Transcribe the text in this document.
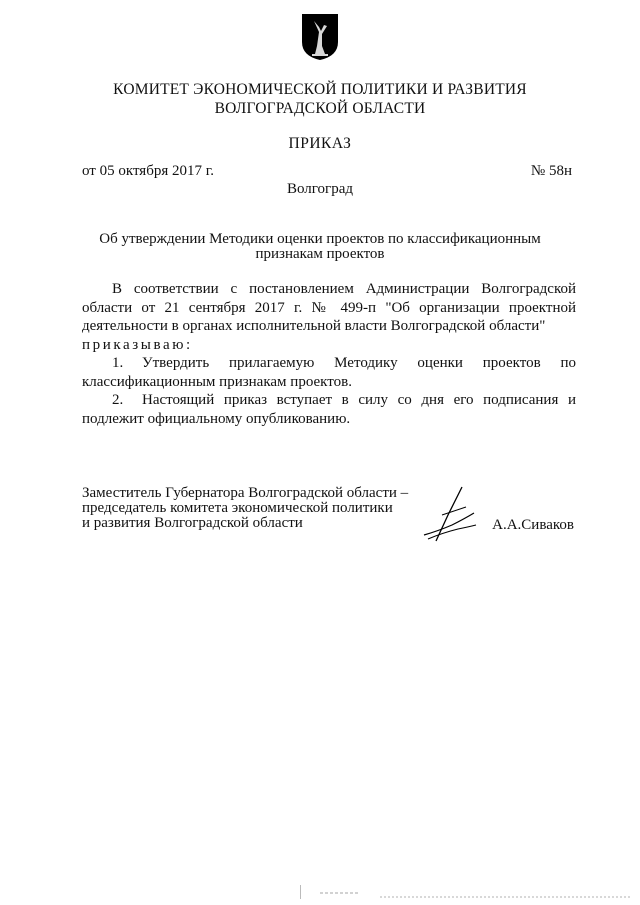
КОМИТЕТ ЭКОНОМИЧЕСКОЙ ПОЛИТИКИ И РАЗВИТИЯ
ВОЛГОГРАДСКОЙ ОБЛАСТИ
ПРИКАЗ
от 05 октября 2017 г.	№ 58н
Волгоград
Об утверждении Методики оценки проектов по классификационным
признакам проектов

В соответствии с постановлением Администрации Волгоградской области от 21 сентября 2017 г. № 499-п "Об организации проектной деятельности в органах исполнительной власти Волгоградской области"

приказываю:

1. Утвердить прилагаемую Методику оценки проектов по классификационным признакам проектов.

2. Настоящий приказ вступает в силу со дня его подписания и подлежит официальному опубликованию.

Заместитель Губернатора Волгоградской области –
председатель комитета экономической политики
и развития Волгоградской области	А.А.Сиваков
